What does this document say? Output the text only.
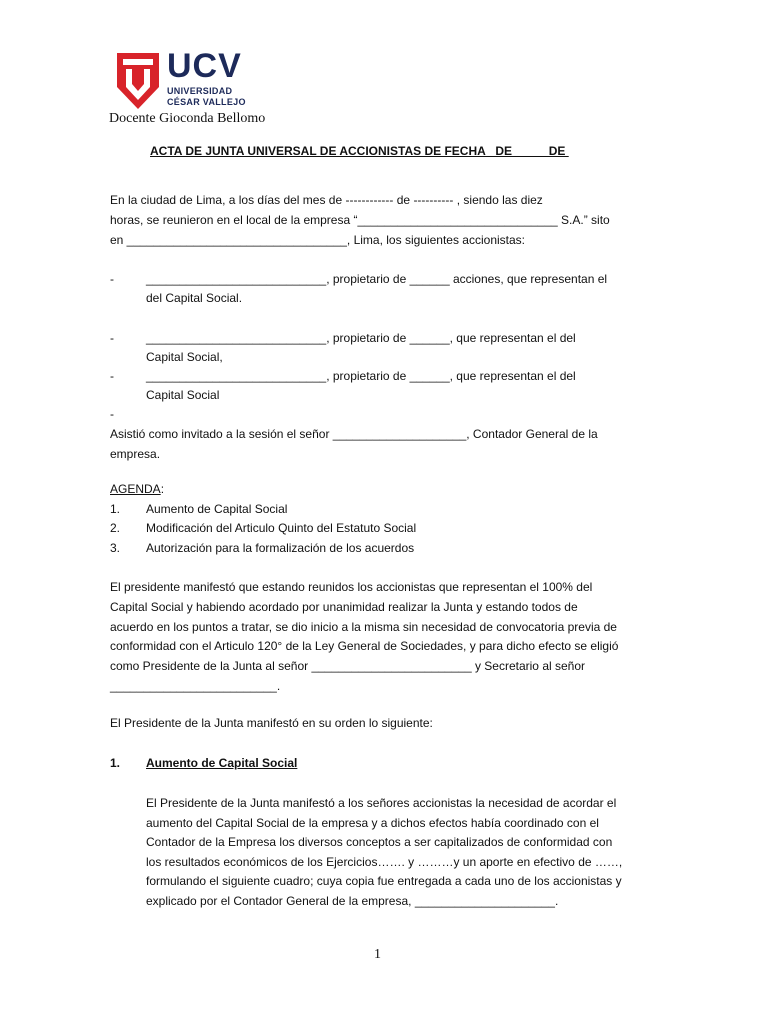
UCV
UNIVERSIDAD
CÉSAR VALLEJO
Docente Gioconda Bellomo
ACTA DE JUNTA UNIVERSAL DE ACCIONISTAS DE FECHA   DE           DE
En la ciudad de Lima, a los días del mes de ------------ de ---------- , siendo las diez
horas, se reunieron en el local de la empresa “______________________________ S.A.” sito
en _________________________________, Lima, los siguientes accionistas:
-	___________________________, propietario de ______ acciones, que representan el
del Capital Social.
-	___________________________, propietario de ______, que representan el del
Capital Social,
-	___________________________, propietario de ______, que representan el del
Capital Social
-
Asistió como invitado a la sesión el señor ____________________, Contador General de la
empresa.
AGENDA:
1. Aumento de Capital Social
2. Modificación del Articulo Quinto del Estatuto Social
3. Autorización para la formalización de los acuerdos
El presidente manifestó que estando reunidos los accionistas que representan el 100% del
Capital Social y habiendo acordado por unanimidad realizar la Junta y estando todos de
acuerdo en los puntos a tratar, se dio inicio a la misma sin necesidad de convocatoria previa de
conformidad con el Articulo 120° de la Ley General de Sociedades, y para dicho efecto se eligió
como Presidente de la Junta al señor ________________________ y Secretario al señor
_________________________.
El Presidente de la Junta manifestó en su orden lo siguiente:
1. Aumento de Capital Social
El Presidente de la Junta manifestó a los señores accionistas la necesidad de acordar el
aumento del Capital Social de la empresa y a dichos efectos había coordinado con el
Contador de la Empresa los diversos conceptos a ser capitalizados de conformidad con
los resultados económicos de los Ejercicios……. y ………y un aporte en efectivo de ……,
formulando el siguiente cuadro; cuya copia fue entregada a cada uno de los accionistas y
explicado por el Contador General de la empresa, _____________________.
1
